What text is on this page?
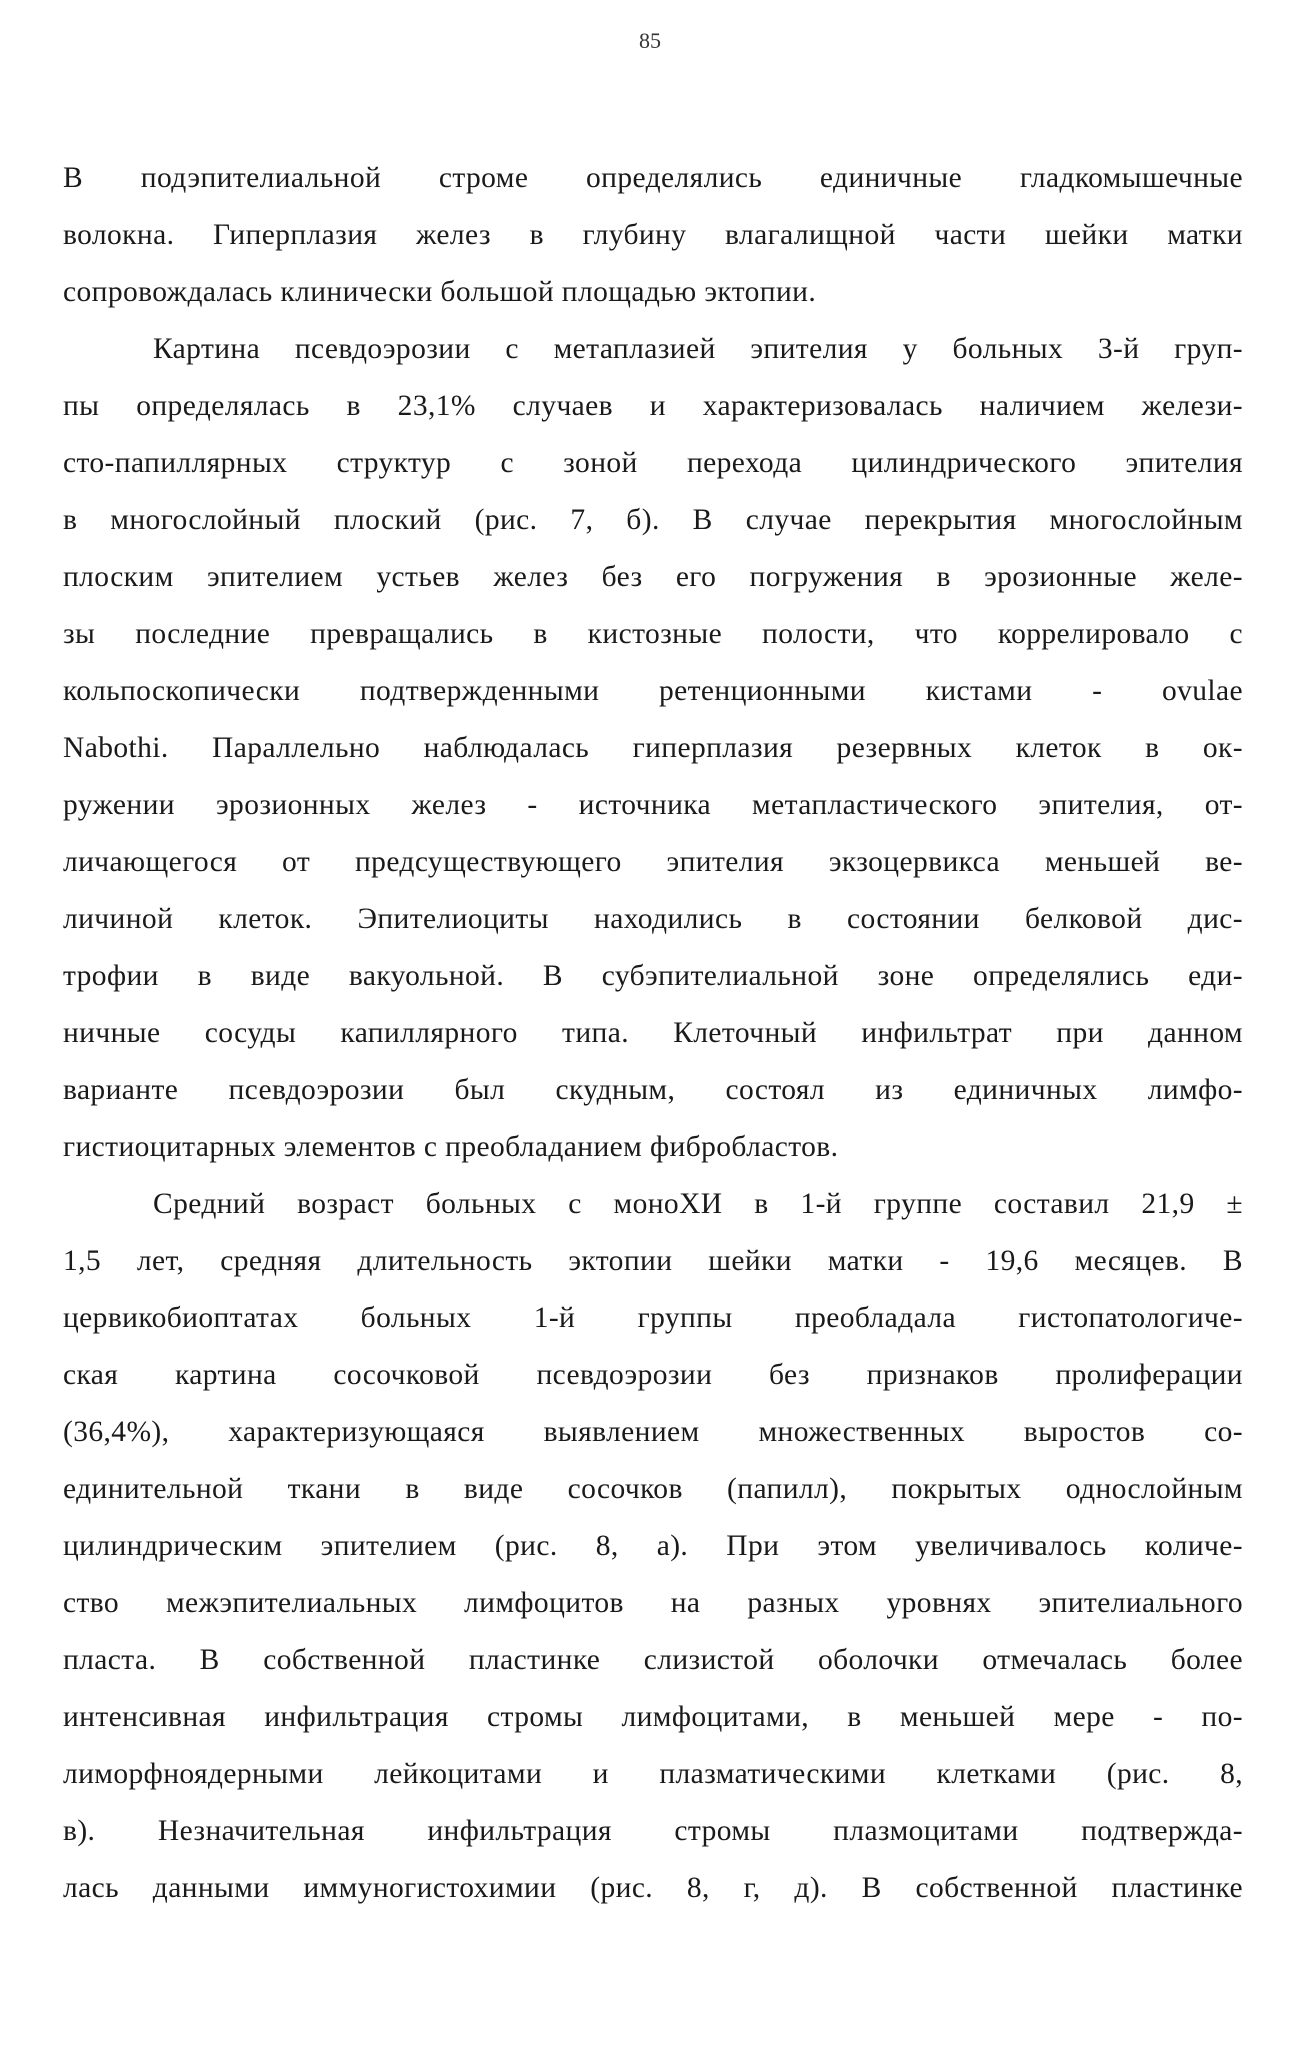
85
В подэпителиальной строме определялись единичные гладкомышечные
волокна. Гиперплазия желез в глубину влагалищной части шейки матки
сопровождалась клинически большой площадью эктопии.
Картина псевдоэрозии с метаплазией эпителия у больных 3-й груп-
пы определялась в 23,1% случаев и характеризовалась наличием желези-
сто-папиллярных структур с зоной перехода цилиндрического эпителия
в многослойный плоский (рис. 7, б). В случае перекрытия многослойным
плоским эпителием устьев желез без его погружения в эрозионные желе-
зы последние превращались в кистозные полости, что коррелировало с
кольпоскопически подтвержденными ретенционными кистами - ovulae
Nabothi. Параллельно наблюдалась гиперплазия резервных клеток в ок-
ружении эрозионных желез - источника метапластического эпителия, от-
личающегося от предсуществующего эпителия экзоцервикса меньшей ве-
личиной клеток. Эпителиоциты находились в состоянии белковой дис-
трофии в виде вакуольной. В субэпителиальной зоне определялись еди-
ничные сосуды капиллярного типа. Клеточный инфильтрат при данном
варианте псевдоэрозии был скудным, состоял из единичных лимфо-
гистиоцитарных элементов с преобладанием фибробластов.
Средний возраст больных с моноХИ в 1-й группе составил 21,9 ±
1,5 лет, средняя длительность эктопии шейки матки - 19,6 месяцев. В
цервикобиоптатах больных 1-й группы преобладала гистопатологиче-
ская картина сосочковой псевдоэрозии без признаков пролиферации
(36,4%), характеризующаяся выявлением множественных выростов со-
единительной ткани в виде сосочков (папилл), покрытых однослойным
цилиндрическим эпителием (рис. 8, а). При этом увеличивалось количе-
ство межэпителиальных лимфоцитов на разных уровнях эпителиального
пласта. В собственной пластинке слизистой оболочки отмечалась более
интенсивная инфильтрация стромы лимфоцитами, в меньшей мере - по-
лиморфноядерными лейкоцитами и плазматическими клетками (рис. 8,
в). Незначительная инфильтрация стромы плазмоцитами подтвержда-
лась данными иммуногистохимии (рис. 8, г, д). В собственной пластинке
